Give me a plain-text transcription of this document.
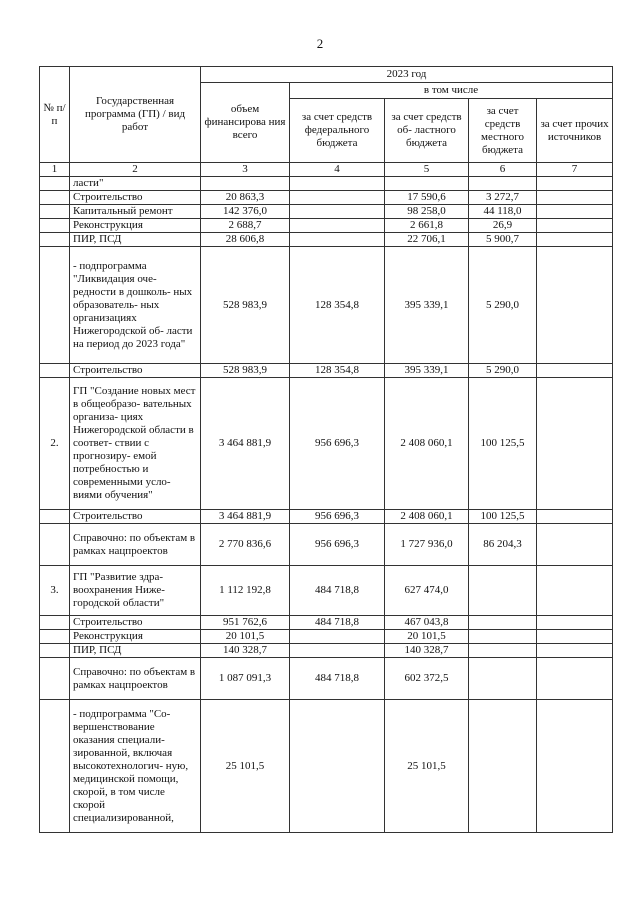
2
№ п/п	Государственная программа (ГП) / вид работ	2023 год				
		объем финансирова ния всего	в том числе			
			за счет средств федерального бюджета	за счет средств об- ластного бюджета	за счет средств местного бюджета	за счет прочих источников
1	2	3	4	5	6	7
	ласти"					
	Строительство	20 863,3		17 590,6	3 272,7	
	Капитальный ремонт	142 376,0		98 258,0	44 118,0	
	Реконструкция	2 688,7		2 661,8	26,9	
	ПИР, ПСД	28 606,8		22 706,1	5 900,7	
	- подпрограмма "Ликвидация оче- редности в дошколь- ных образователь- ных организациях Нижегородской об- ласти на период до 2023 года"	528 983,9	128 354,8	395 339,1	5 290,0	
	Строительство	528 983,9	128 354,8	395 339,1	5 290,0	
2.	ГП "Создание новых мест в общеобразо- вательных организа- циях Нижегородской области в соответ- ствии с прогнозиру- емой потребностью и современными усло- виями обучения"	3 464 881,9	956 696,3	2 408 060,1	100 125,5	
	Строительство	3 464 881,9	956 696,3	2 408 060,1	100 125,5	
	Справочно: по объектам в рамках нацпроектов	2 770 836,6	956 696,3	1 727 936,0	86 204,3	
3.	ГП "Развитие здра- воохранения Ниже- городской области"	1 112 192,8	484 718,8	627 474,0		
	Строительство	951 762,6	484 718,8	467 043,8		
	Реконструкция	20 101,5		20 101,5		
	ПИР, ПСД	140 328,7		140 328,7		
	Справочно: по объектам в рамках нацпроектов	1 087 091,3	484 718,8	602 372,5		
	- подпрограмма "Со- вершенствование оказания специали- зированной, включая высокотехнологич- ную, медицинской помощи, скорой, в том числе скорой специализированной,	25 101,5		25 101,5		
